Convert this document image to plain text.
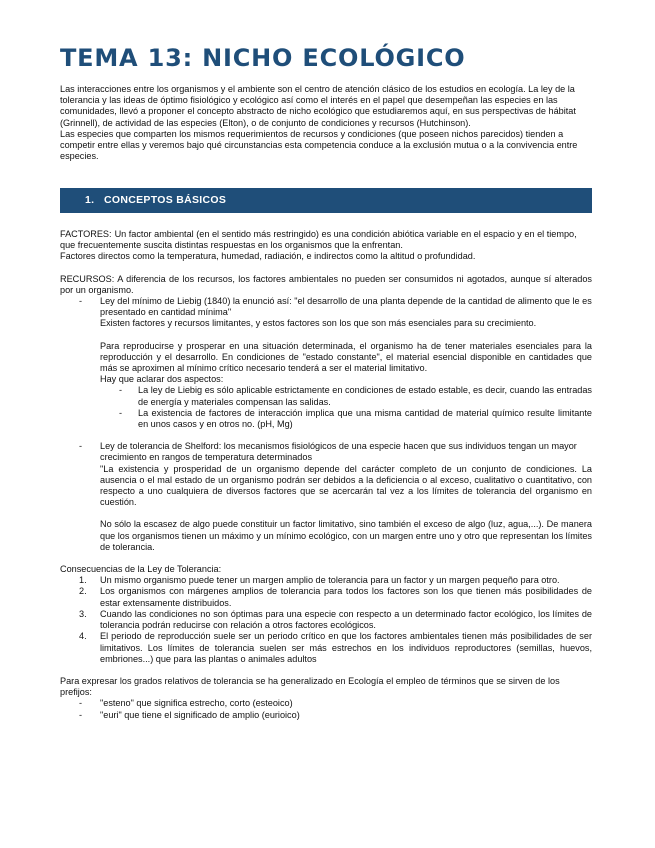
TEMA 13: NICHO ECOLÓGICO

Las interacciones entre los organismos y el ambiente son el centro de atención clásico de los estudios en ecología. La ley de la tolerancia y las ideas de óptimo fisiológico y ecológico así como el interés en el papel que desempeñan las especies en las comunidades, llevó a proponer el concepto abstracto de nicho ecológico que estudiaremos aquí, en sus perspectivas de hábitat (Grinnell), de actividad de las especies (Elton), o de conjunto de condiciones y recursos (Hutchinson).

Las especies que comparten los mismos requerimientos de recursos y condiciones (que poseen nichos parecidos) tienden a competir entre ellas y veremos bajo qué circunstancias esta competencia conduce a la exclusión mutua o a la convivencia entre especies.

1. CONCEPTOS BÁSICOS

FACTORES: Un factor ambiental (en el sentido más restringido) es una condición abiótica variable en el espacio y en el tiempo, que frecuentemente suscita distintas respuestas en los organismos que la enfrentan.

Factores directos como la temperatura, humedad, radiación, e indirectos como la altitud o profundidad.

RECURSOS: A diferencia de los recursos, los factores ambientales no pueden ser consumidos ni agotados, aunque sí alterados por un organismo.

- Ley del mínimo de Liebig (1840) la enunció así: "el desarrollo de una planta depende de la cantidad de alimento que le es presentado en cantidad mínima"

Existen factores y recursos limitantes, y estos factores son los que son más esenciales para su crecimiento.

Para reproducirse y prosperar en una situación determinada, el organismo ha de tener materiales esenciales para la reproducción y el desarrollo. En condiciones de "estado constante", el material esencial disponible en cantidades que más se aproximen al mínimo crítico necesario tenderá a ser el material limitativo.

Hay que aclarar dos aspectos:

- La ley de Liebig es sólo aplicable estrictamente en condiciones de estado estable, es decir, cuando las entradas de energía y materiales compensan las salidas.

- La existencia de factores de interacción implica que una misma cantidad de material químico resulte limitante en unos casos y en otros no. (pH, Mg)

- Ley de tolerancia de Shelford: los mecanismos fisiológicos de una especie hacen que sus individuos tengan un mayor crecimiento en rangos de temperatura determinados

"La existencia y prosperidad de un organismo depende del carácter completo de un conjunto de condiciones. La ausencia o el mal estado de un organismo podrán ser debidos a la deficiencia o al exceso, cualitativo o cuantitativo, con respecto a uno cualquiera de diversos factores que se acercarán tal vez a los límites de tolerancia del organismo en cuestión.

No sólo la escasez de algo puede constituir un factor limitativo, sino también el exceso de algo (luz, agua,...). De manera que los organismos tienen un máximo y un mínimo ecológico, con un margen entre uno y otro que representan los límites de tolerancia.

Consecuencias de la Ley de Tolerancia:

1. Un mismo organismo puede tener un margen amplio de tolerancia para un factor y un margen pequeño para otro.

2. Los organismos con márgenes amplios de tolerancia para todos los factores son los que tienen más posibilidades de estar extensamente distribuidos.

3. Cuando las condiciones no son óptimas para una especie con respecto a un determinado factor ecológico, los límites de tolerancia podrán reducirse con relación a otros factores ecológicos.

4. El periodo de reproducción suele ser un periodo crítico en que los factores ambientales tienen más posibilidades de ser limitativos. Los límites de tolerancia suelen ser más estrechos en los individuos reproductores (semillas, huevos, embriones...) que para las plantas o animales adultos

Para expresar los grados relativos de tolerancia se ha generalizado en Ecología el empleo de términos que se sirven de los prefijos:

- "esteno" que significa estrecho, corto (esteoico)

- "euri" que tiene el significado de amplio (eurioico)
